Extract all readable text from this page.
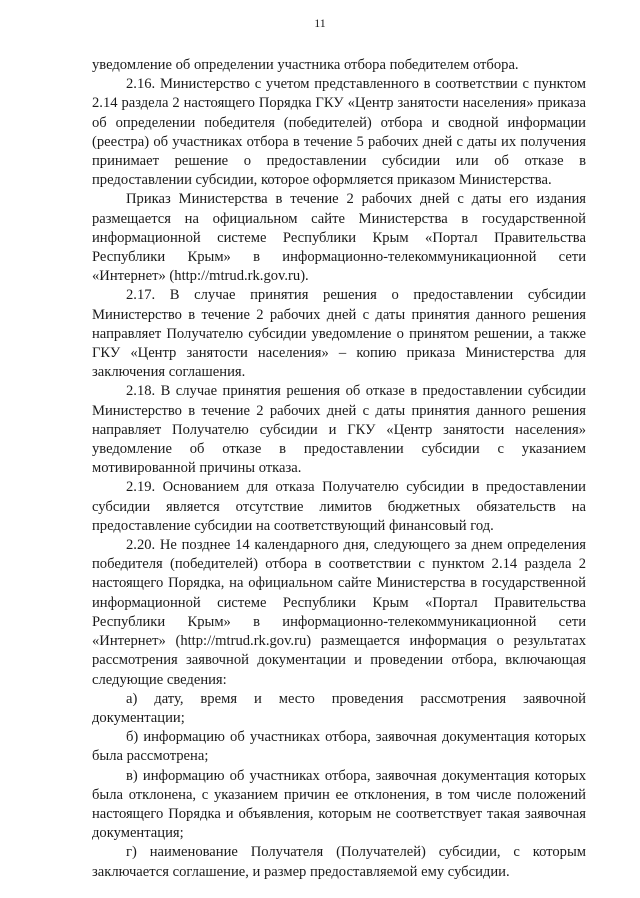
11

уведомление об определении участника отбора победителем отбора.

2.16. Министерство с учетом представленного в соответствии с пунктом 2.14 раздела 2 настоящего Порядка ГКУ «Центр занятости населения» приказа об определении победителя (победителей) отбора и сводной информации (реестра) об участниках отбора в течение 5 рабочих дней с даты их получения принимает решение о предоставлении субсидии или об отказе в предоставлении субсидии, которое оформляется приказом Министерства.

Приказ Министерства в течение 2 рабочих дней с даты его издания размещается на официальном сайте Министерства в государственной информационной системе Республики Крым «Портал Правительства Республики Крым» в информационно-телекоммуникационной сети «Интернет» (http://mtrud.rk.gov.ru).

2.17. В случае принятия решения о предоставлении субсидии Министерство в течение 2 рабочих дней с даты принятия данного решения направляет Получателю субсидии уведомление о принятом решении, а также ГКУ «Центр занятости населения» – копию приказа Министерства для заключения соглашения.

2.18. В случае принятия решения об отказе в предоставлении субсидии Министерство в течение 2 рабочих дней с даты принятия данного решения направляет Получателю субсидии и ГКУ «Центр занятости населения» уведомление об отказе в предоставлении субсидии с указанием мотивированной причины отказа.

2.19. Основанием для отказа Получателю субсидии в предоставлении субсидии является отсутствие лимитов бюджетных обязательств на предоставление субсидии на соответствующий финансовый год.

2.20. Не позднее 14 календарного дня, следующего за днем определения победителя (победителей) отбора в соответствии с пунктом 2.14 раздела 2 настоящего Порядка, на официальном сайте Министерства в государственной информационной системе Республики Крым «Портал Правительства Республики Крым» в информационно-телекоммуникационной сети «Интернет» (http://mtrud.rk.gov.ru) размещается информация о результатах рассмотрения заявочной документации и проведении отбора, включающая следующие сведения:

а) дату, время и место проведения рассмотрения заявочной документации;

б) информацию об участниках отбора, заявочная документация которых была рассмотрена;

в) информацию об участниках отбора, заявочная документация которых была отклонена, с указанием причин ее отклонения, в том числе положений настоящего Порядка и объявления, которым не соответствует такая заявочная документация;

г) наименование Получателя (Получателей) субсидии, с которым заключается соглашение, и размер предоставляемой ему субсидии.
